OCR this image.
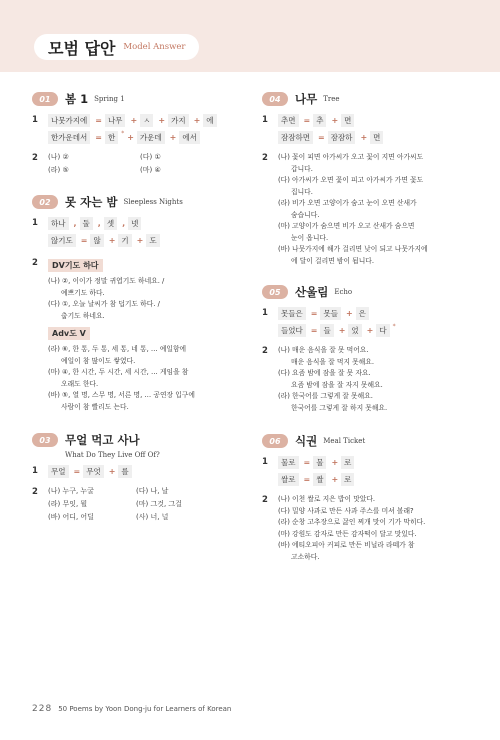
모범 답안 Model Answer
01	봄 1 Spring 1
1	나뭇가지에	= 나무	+ ㅅ	+ 가지	+ 에
한가운데서	= 한	* + 가운데	+ 에서
2	(나) ②	(다) ①
(라) ⑤	(마) ④
02	못 자는 밤 Sleepless Nights
1	하나	, 둘	, 셋	, 넷
않기도	= 않	+ 기	+ 도
2	DV기도 하다
(나) ②, 이이가 정말 귀엽기도 하네요. /
예쁘기도 하다.
(다) ①, 오늘 날씨가 참 덥기도 하다. /
춥기도 하네요.
Adv도 V
(라) ⑥, 한 통, 두 통, 세 통, 네 통, … 예일함에
예일이 참 많이도 쌓였다.
(마) ④, 한 시간, 두 시간, 세 시간, … 게임을 참
오래도 한다.
(바) ⑤, 열 명, 스무 명, 서른 명, … 공연장 입구에
사람이 참 빨리도 는다.
03	무얼 먹고 사나
What Do They Live Off Of?
1	무얼	= 무엇	+ 를
2	(나) 누구, 누굴	(다) 나, 날
(라) 무잇, 뭘	(마) 그것, 그걸
(바) 어디, 어딜	(사) 너, 널
04	나무 Tree
1	추면	= 추	+ 면
잠잠하면	= 잠잠하	+ 면
2	(나) 꽃이 피면 아가씨가 오고 꽃이 지면 아가씨도
갑니다.
(다) 아가씨가 오면 꽃이 피고 아가씨가 가면 꽃도
집니다.
(라) 비가 오면 고양이가 숨고 눈이 오면 산새가
숨습니다.
(마) 고양이가 숨으면 비가 오고 산새가 숨으면
눈이 옵니다.
(바) 나뭇가지에 해가 걸리면 낮이 되고 나뭇가지에
에 달이 걸리면 밤이 됩니다.
05	산울림 Echo
1	못들은	= 못들	+ 은
들었다	= 들	+ 었	+ 다	*
2	(나) 매운 음식을 잘 못 먹어요.
매운 음식을 잘 먹지 못해요.
(다) 요즘 밤에 잠을 잘 못 자요.
요즘 밤에 잠을 잘 자지 못해요.
(라) 한국어를 그렇게 잘 못해요.
한국어를 그렇게 잘 하지 못해요.
06	식권 Meal Ticket
1	물로	= 물	+ 로
쌀로	= 쌀	+ 로
2	(나) 이천 쌀로 지은 밥이 맛았다.
(다) 밀양 사과로 만든 사과 주스를 미셔 볼래?
(라) 순창 고추장으로 끓인 찌개 맛이 기가 막히다.
(마) 강원도 감자로 만든 감자떡이 달고 맛있다.
(바) 에티오피아 커피로 만든 비닐라 라떼가 참
고소하다.
228 50 Poems by Yoon Dong-ju for Learners of Korean
